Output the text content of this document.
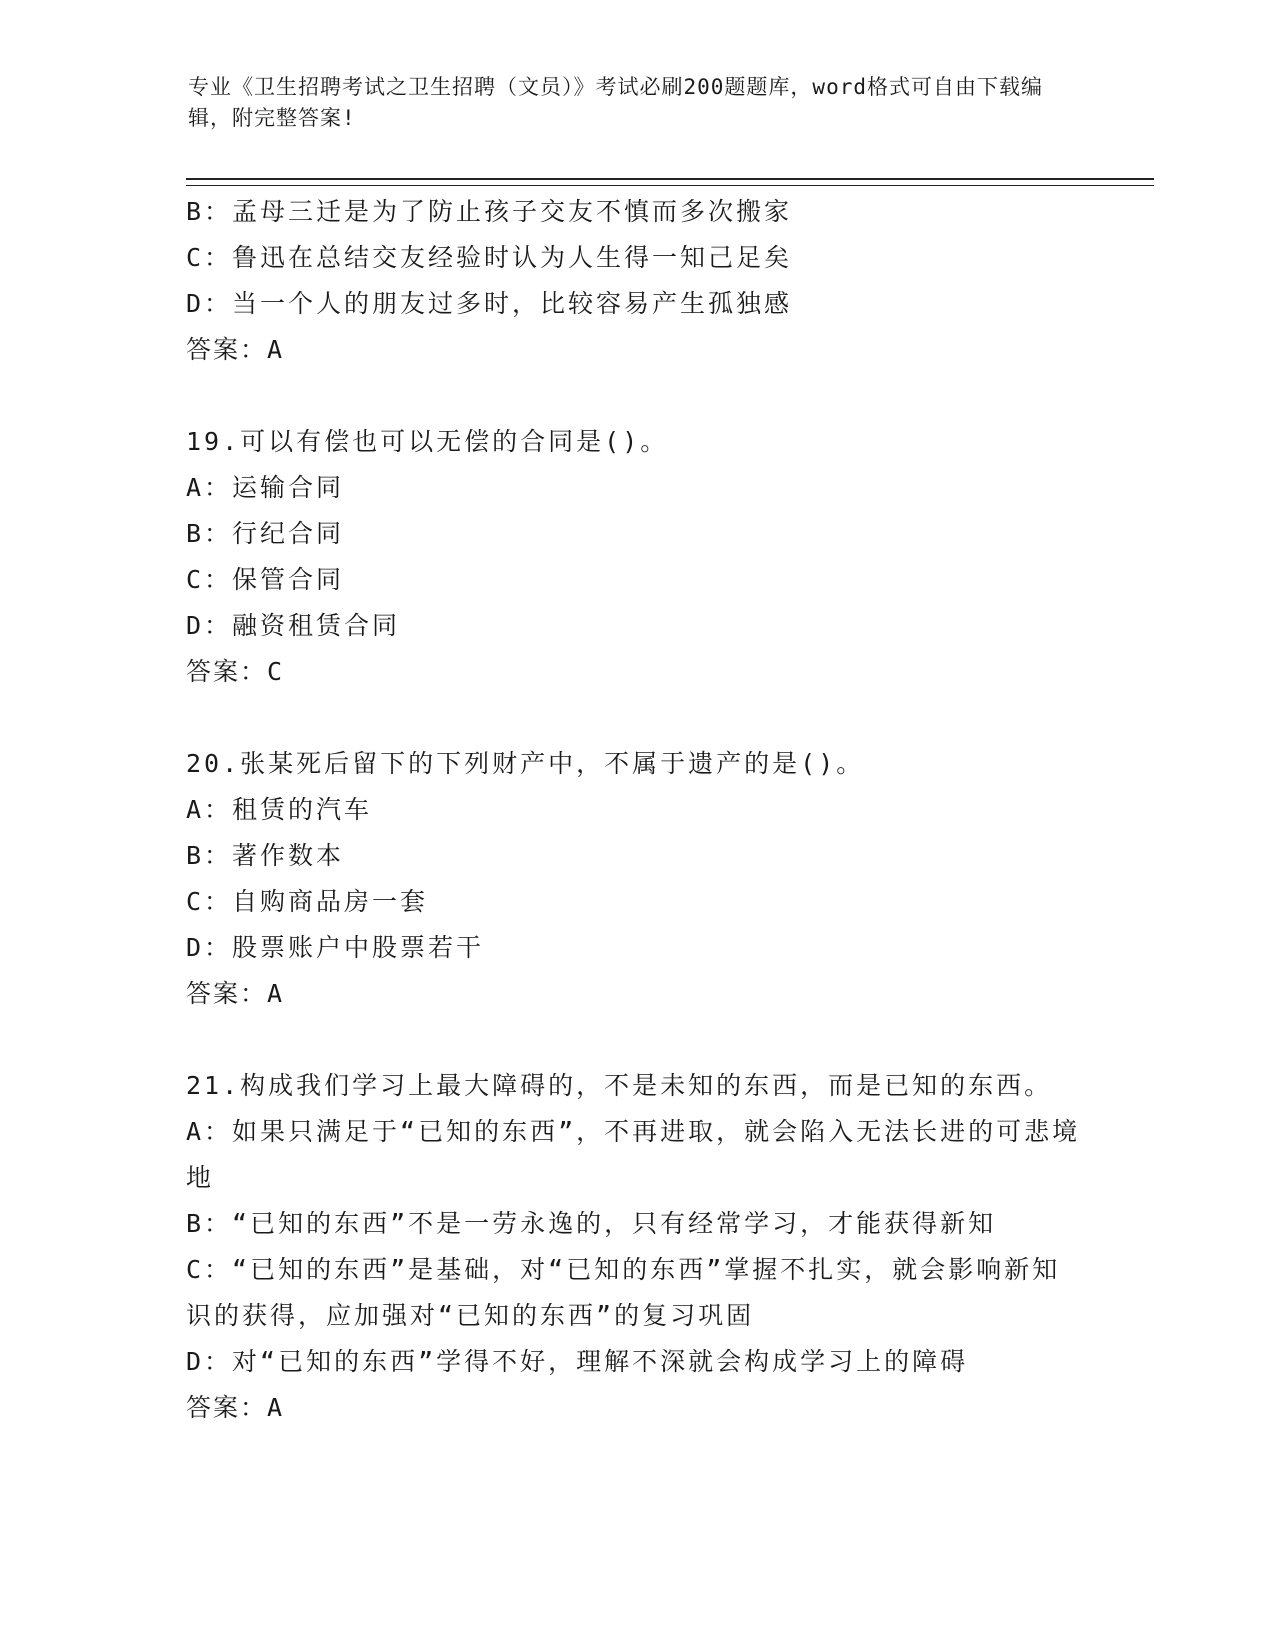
专业《卫生招聘考试之卫生招聘（文员）》考试必刷200题题库，word格式可自由下载编辑，附完整答案!

B：孟母三迁是为了防止孩子交友不慎而多次搬家

C：鲁迅在总结交友经验时认为人生得一知己足矣

D：当一个人的朋友过多时，比较容易产生孤独感

答案：A

19.可以有偿也可以无偿的合同是()。

A：运输合同

B：行纪合同

C：保管合同

D：融资租赁合同

答案：C

20.张某死后留下的下列财产中，不属于遗产的是()。

A：租赁的汽车

B：著作数本

C：自购商品房一套

D：股票账户中股票若干

答案：A

21.构成我们学习上最大障碍的，不是未知的东西，而是已知的东西。

A：如果只满足于“已知的东西”，不再进取，就会陷入无法长进的可悲境地

B：“已知的东西”不是一劳永逸的，只有经常学习，才能获得新知

C：“已知的东西”是基础，对“已知的东西”掌握不扎实，就会影响新知识的获得，应加强对“已知的东西”的复习巩固

D：对“已知的东西”学得不好，理解不深就会构成学习上的障碍

答案：A
